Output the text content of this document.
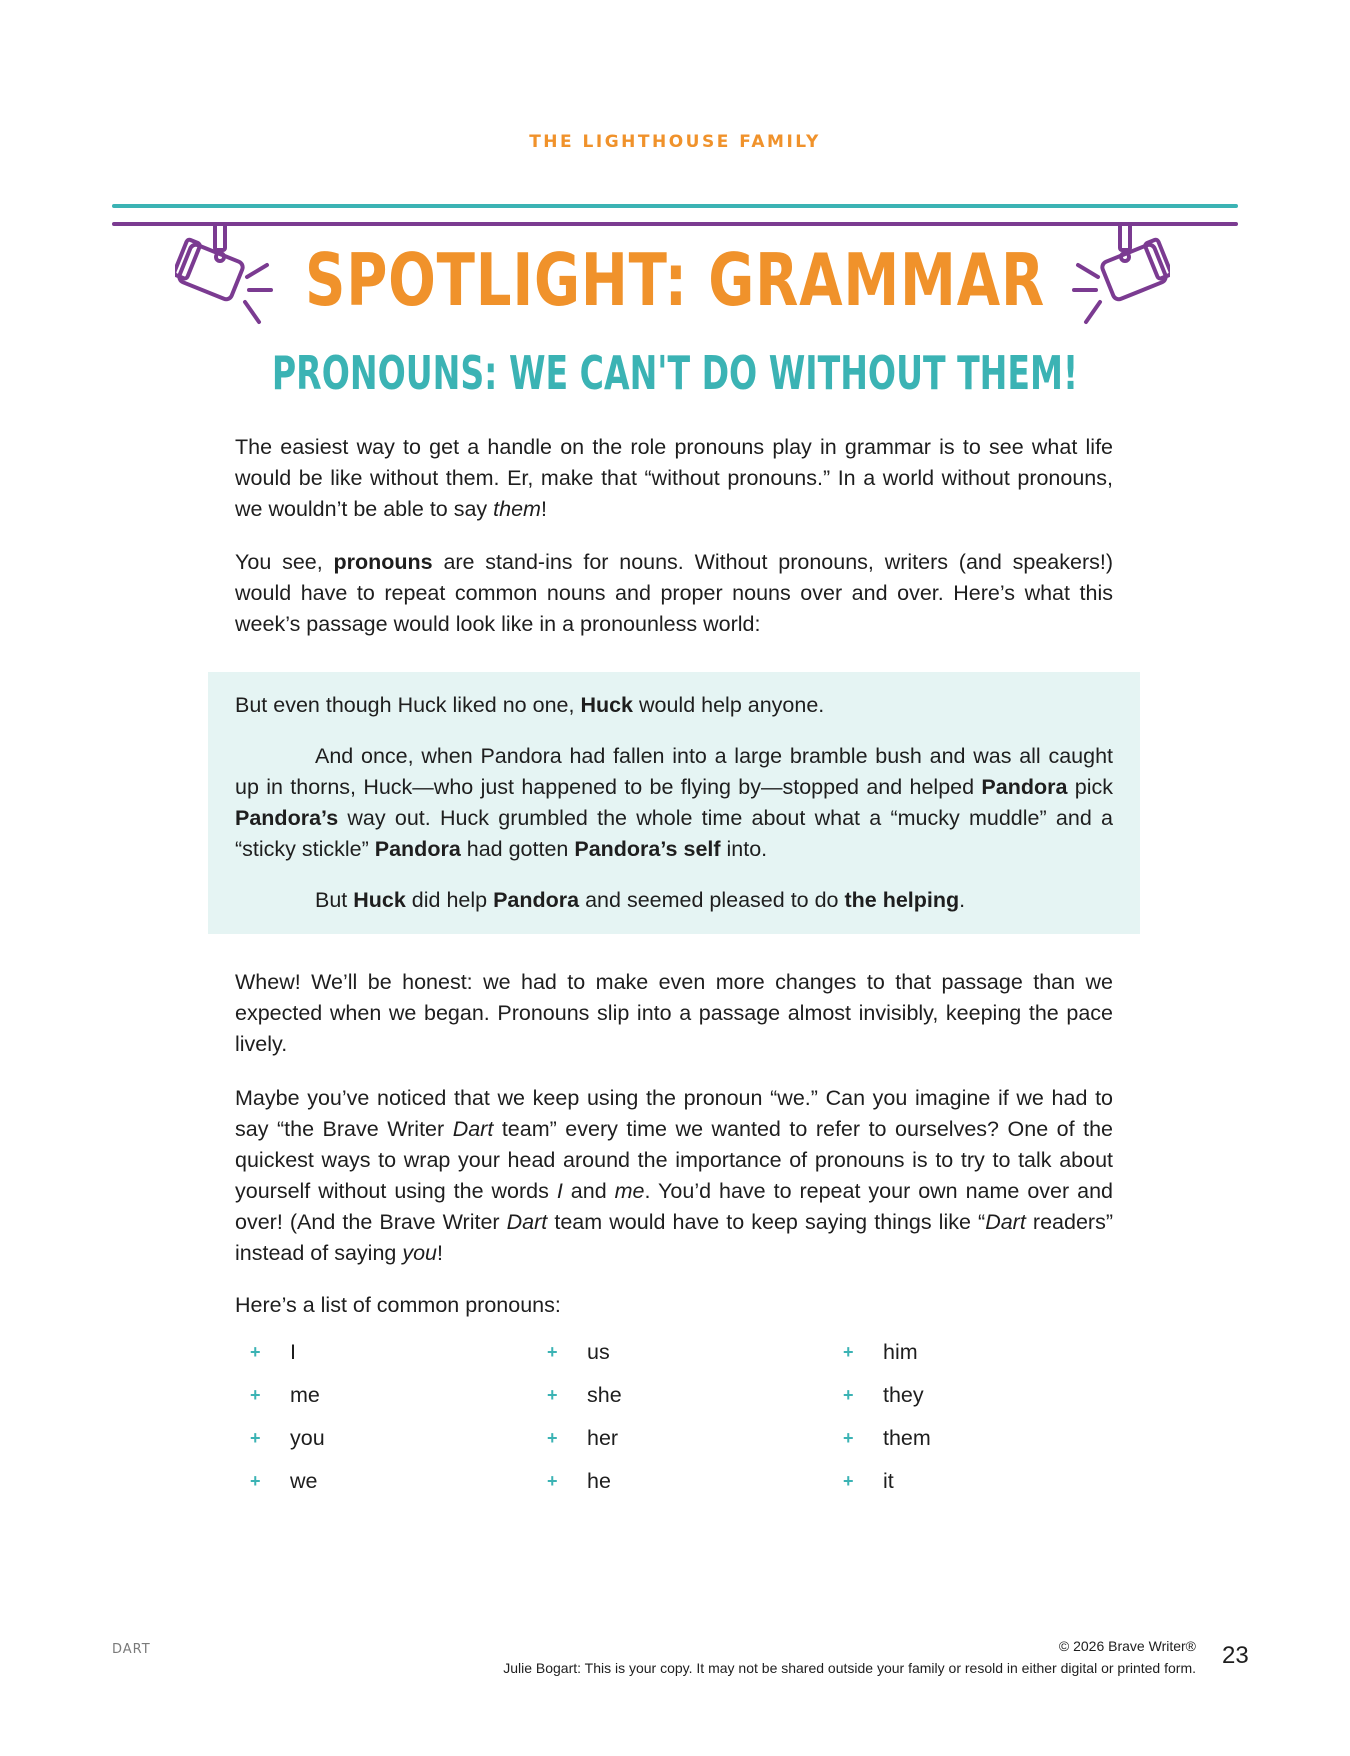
THE LIGHTHOUSE FAMILY
SPOTLIGHT: GRAMMAR
PRONOUNS: WE CAN'T DO WITHOUT THEM!

The easiest way to get a handle on the role pronouns play in grammar is to see what life would be like without them. Er, make that “without pronouns.” In a world without pronouns, we wouldn’t be able to say them!

You see, pronouns are stand-ins for nouns. Without pronouns, writers (and speakers!) would have to repeat common nouns and proper nouns over and over. Here’s what this week’s passage would look like in a pronounless world:

But even though Huck liked no one, Huck would help anyone.

And once, when Pandora had fallen into a large bramble bush and was all caught up in thorns, Huck—who just happened to be flying by—stopped and helped Pandora pick Pandora’s way out. Huck grumbled the whole time about what a “mucky muddle” and a “sticky stickle” Pandora had gotten Pandora’s self into.

But Huck did help Pandora and seemed pleased to do the helping.

Whew! We’ll be honest: we had to make even more changes to that passage than we expected when we began. Pronouns slip into a passage almost invisibly, keeping the pace lively.

Maybe you’ve noticed that we keep using the pronoun “we.” Can you imagine if we had to say “the Brave Writer Dart team” every time we wanted to refer to ourselves? One of the quickest ways to wrap your head around the importance of pronouns is to try to talk about yourself without using the words I and me. You’d have to repeat your own name over and over! (And the Brave Writer Dart team would have to keep saying things like “Dart readers” instead of saying you!

Here’s a list of common pronouns:

+ I
+ me
+ you
+ we
+ us
+ she
+ her
+ he
+ him
+ they
+ them
+ it
DART	© 2026 Brave Writer®
Julie Bogart: This is your copy. It may not be shared outside your family or resold in either digital or printed form. 23
